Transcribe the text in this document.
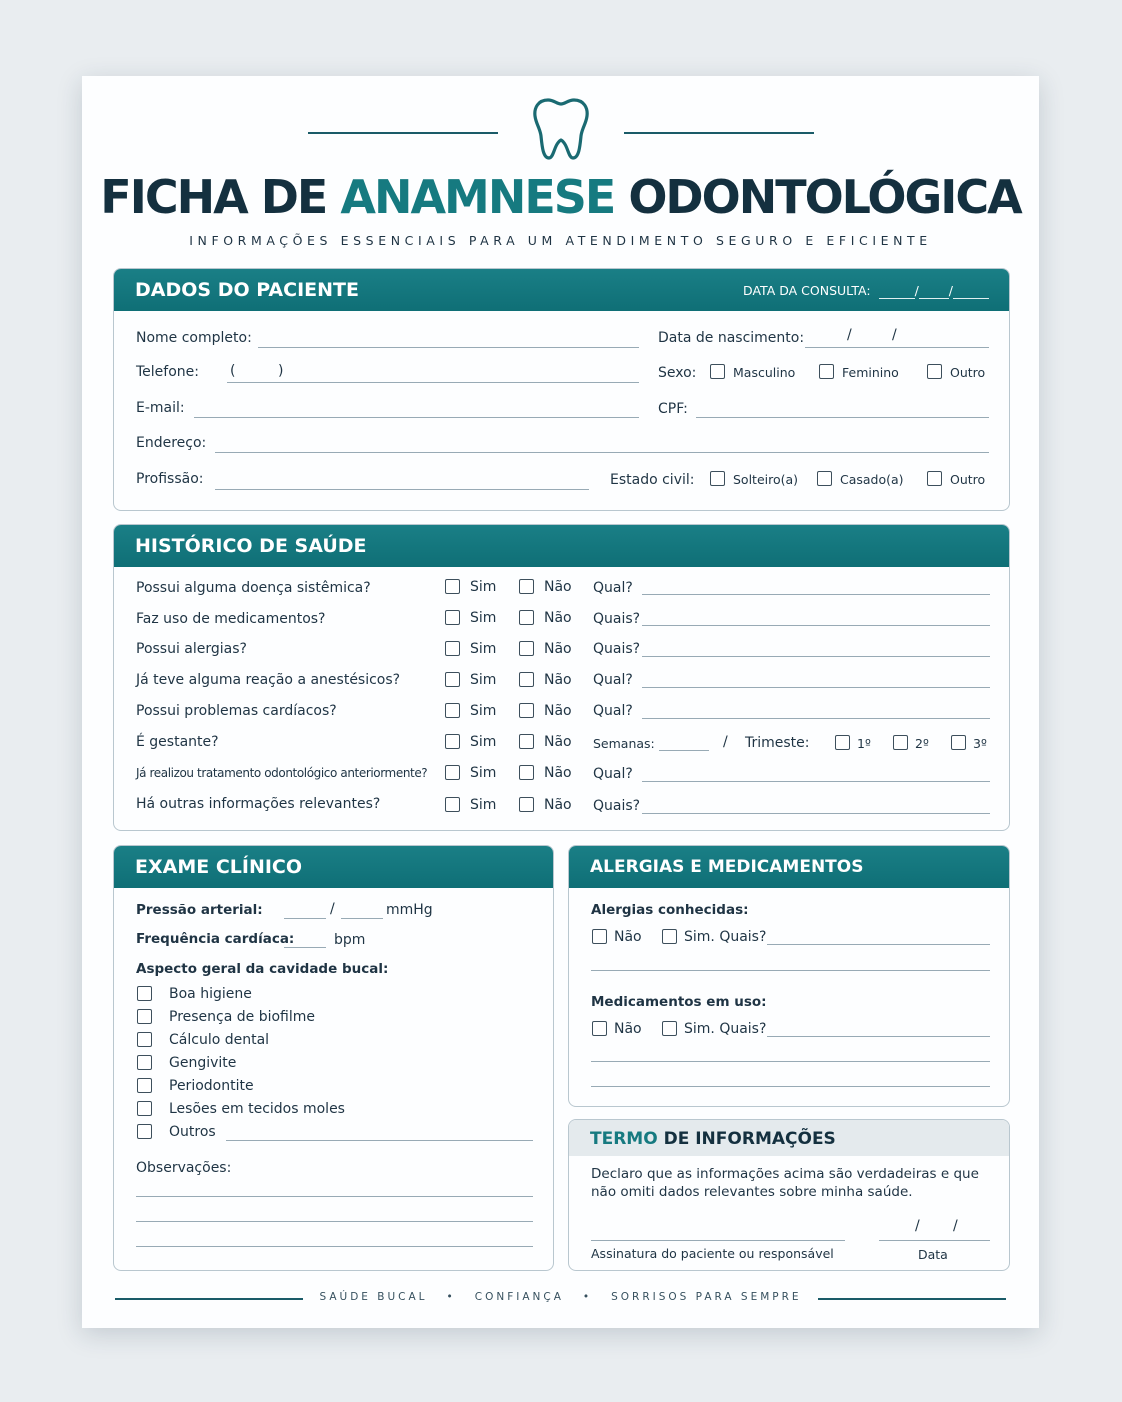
FICHA DE ANAMNESE ODONTOLÓGICA
INFORMAÇÕES ESSENCIAIS PARA UM ATENDIMENTO SEGURO E EFICIENTE
DADOS DO PACIENTE	DATA DA CONSULTA:	/ /
Nome completo:	Data de nascimento:	/	/
Telefone: (	)	Sexo:	Masculino	Feminino	Outro
E-mail:	CPF:
Endereço:
Profissão:	Estado civil:	Solteiro(a)	Casado(a)	Outro
HISTÓRICO DE SAÚDE
Possui alguma doença sistêmica?	Sim	Não Qual?
Faz uso de medicamentos?	Sim	Não Quais?
Possui alergias?	Sim	Não Quais?
Já teve alguma reação a anestésicos?	Sim	Não Qual?
Possui problemas cardíacos?	Sim	Não Qual?
É gestante?	Sim	Não Semanas:	/ Trimeste:	1º	2º	3º
Já realizou tratamento odontológico anteriormente?	Sim	Não Qual?
Há outras informações relevantes?	Sim	Não Quais?
EXAME CLÍNICO
Pressão arterial:	/	mmHg
Frequência cardíaca:	bpm
Aspecto geral da cavidade bucal:
Boa higiene
Presença de biofilme
Cálculo dental
Gengivite
Periodontite
Lesões em tecidos moles
Outros
Observações:
ALERGIAS E MEDICAMENTOS
Alergias conhecidas:
Não	Sim. Quais?
Medicamentos em uso:
Não	Sim. Quais?
TERMO DE INFORMAÇÕES
Declaro que as informações acima são verdadeiras e que
não omiti dados relevantes sobre minha saúde.
Assinatura do paciente ou responsável
/ /
Data
SAÚDE BUCAL • CONFIANÇA • SORRISOS PARA SEMPRE
